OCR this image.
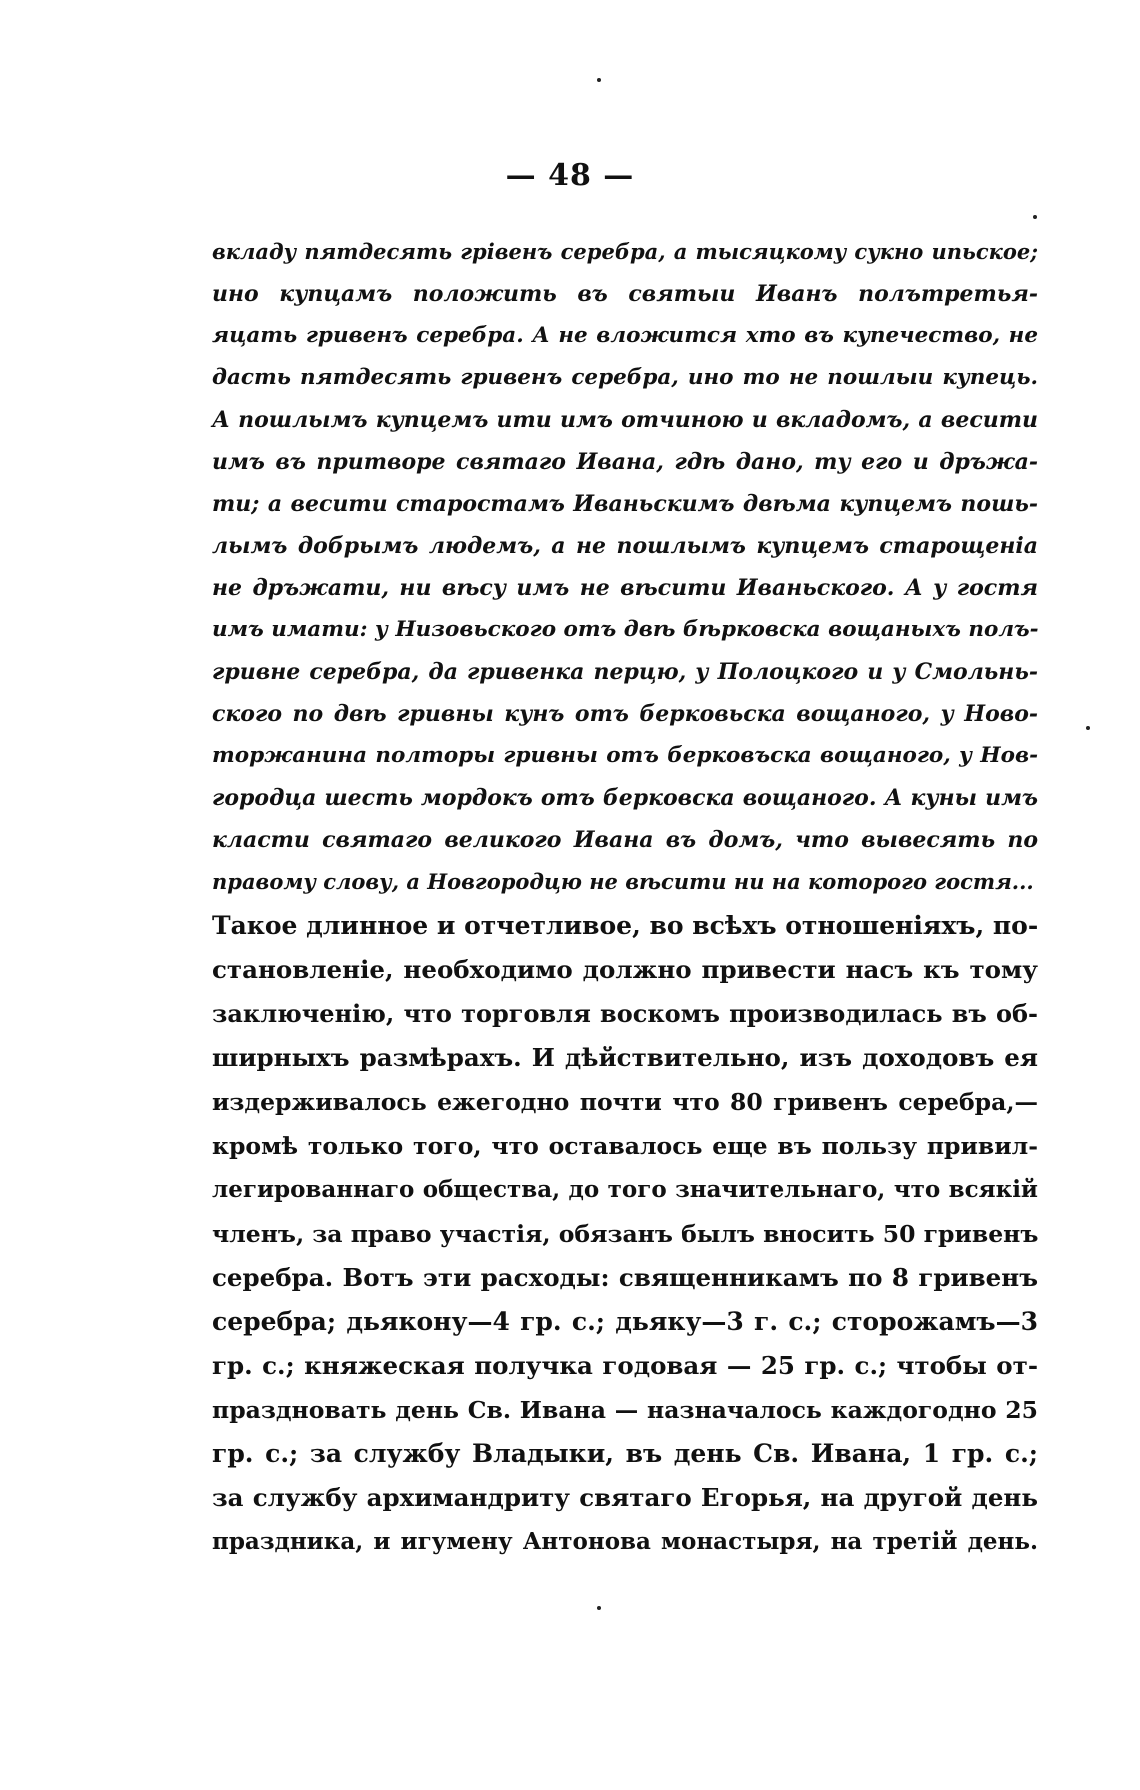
— 48 —
вкладу пятдесять грівенъ серебра, а тысяцкому сукно ипьское;
ино купцамъ положить въ святыи Иванъ полътретья-
яцать гривенъ серебра. А не вложится хто въ купечество, не
дасть пятдесять гривенъ серебра, ино то не пошлыи купець.
А пошлымъ купцемъ ити имъ отчиною и вкладомъ, а весити
имъ въ притворе святаго Ивана, гдѣ дано, ту его и дръжа-
ти; а весити старостамъ Иваньскимъ двѣма купцемъ пошь-
лымъ добрымъ людемъ, а не пошлымъ купцемъ старощеніа
не дръжати, ни вѣсу имъ не вѣсити Иваньского. А у гостя
имъ имати: у Низовьского отъ двѣ бѣрковска вощаныхъ полъ-
гривне серебра, да гривенка перцю, у Полоцкого и у Смольнь-
ского по двѣ гривны кунъ отъ берковьска вощаного, у Ново-
торжанина полторы гривны отъ берковъска вощаного, у Нов-
городца шесть мордокъ отъ берковска вощаного. А куны имъ
класти святаго великого Ивана въ домъ, что вывесять по
правому слову, а Новгородцю не вѣсити ни на которого гостя...
Такое длинное и отчетливое, во всѣхъ отношеніяхъ, по-
становленіе, необходимо должно привести насъ къ тому
заключенію, что торговля воскомъ производилась въ об-
ширныхъ размѣрахъ. И дѣйствительно, изъ доходовъ ея
издерживалось ежегодно почти что 80 гривенъ серебра,—
кромѣ только того, что оставалось еще въ пользу привил-
легированнаго общества, до того значительнаго, что всякій
членъ, за право участія, обязанъ былъ вносить 50 гривенъ
серебра. Вотъ эти расходы: священникамъ по 8 гривенъ
серебра; дьякону—4 гр. с.; дьяку—3 г. с.; сторожамъ—3
гр. с.; княжеская получка годовая — 25 гр. с.; чтобы от-
праздновать день Св. Ивана — назначалось каждогодно 25
гр. с.; за службу Владыки, въ день Св. Ивана, 1 гр. с.;
за службу архимандриту святаго Егорья, на другой день
праздника, и игумену Антонова монастыря, на третій день.
